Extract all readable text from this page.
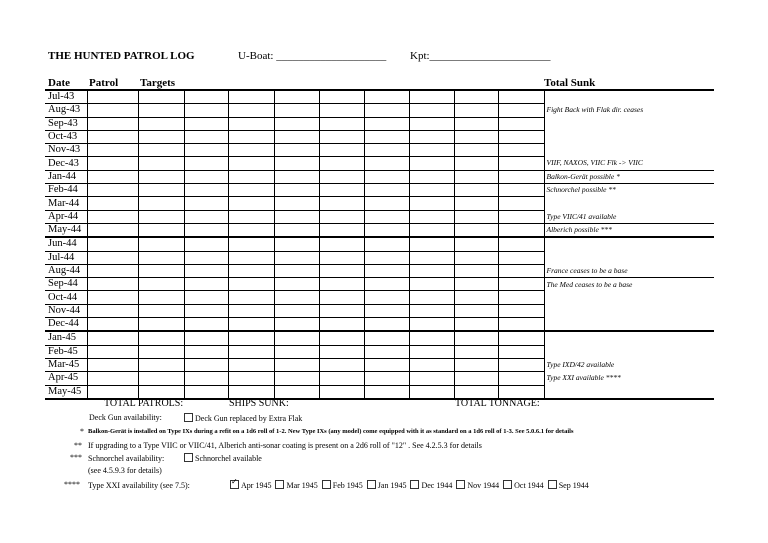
THE HUNTED PATROL LOG	U-Boat: ____________________ Kpt:______________________
Date Patrol Targets	Total Sunk
Jul-43											
Aug-43											Fight Back with Flak dir. ceases
Sep-43											
Oct-43											
Nov-43											
Dec-43											VIIF, NAXOS, VIIC Flk -> VIIC
Jan-44											Balkon-Gerät possible *
Feb-44											Schnorchel possible **
Mar-44											
Apr-44											Type VIIC/41 available
May-44											Alberich possible ***
Jun-44											
Jul-44											
Aug-44											France ceases to be a base
Sep-44											The Med ceases to be a base
Oct-44											
Nov-44											
Dec-44											
Jan-45											
Feb-45											
Mar-45											Type IXD/42 available
Apr-45											Type XXI available ****
May-45											
TOTAL PATROLS:	SHIPS SUNK:	TOTAL TONNAGE:
Deck Gun availability:	Deck Gun replaced by Extra Flak
* Balkon-Gerät is installed on Type IXs during a refit on a 1d6 roll of 1-2. New Type IXs (any model) come equipped with it as standard on a 1d6 roll of 1-3. See 5.0.6.1 for details
** If upgrading to a Type VIIC or VIIC/41, Alberich anti-sonar coating is present on a 2d6 roll of "12" . See 4.2.5.3 for details
*** Schnorchel availability:	Schnorchel available
(see 4.5.9.3 for details)
**** Type XXI availability (see 7.5): ✓	Apr 1945 Mar 1945 Feb 1945 Jan 1945 Dec 1944 Nov 1944 Oct 1944 Sep 1944
